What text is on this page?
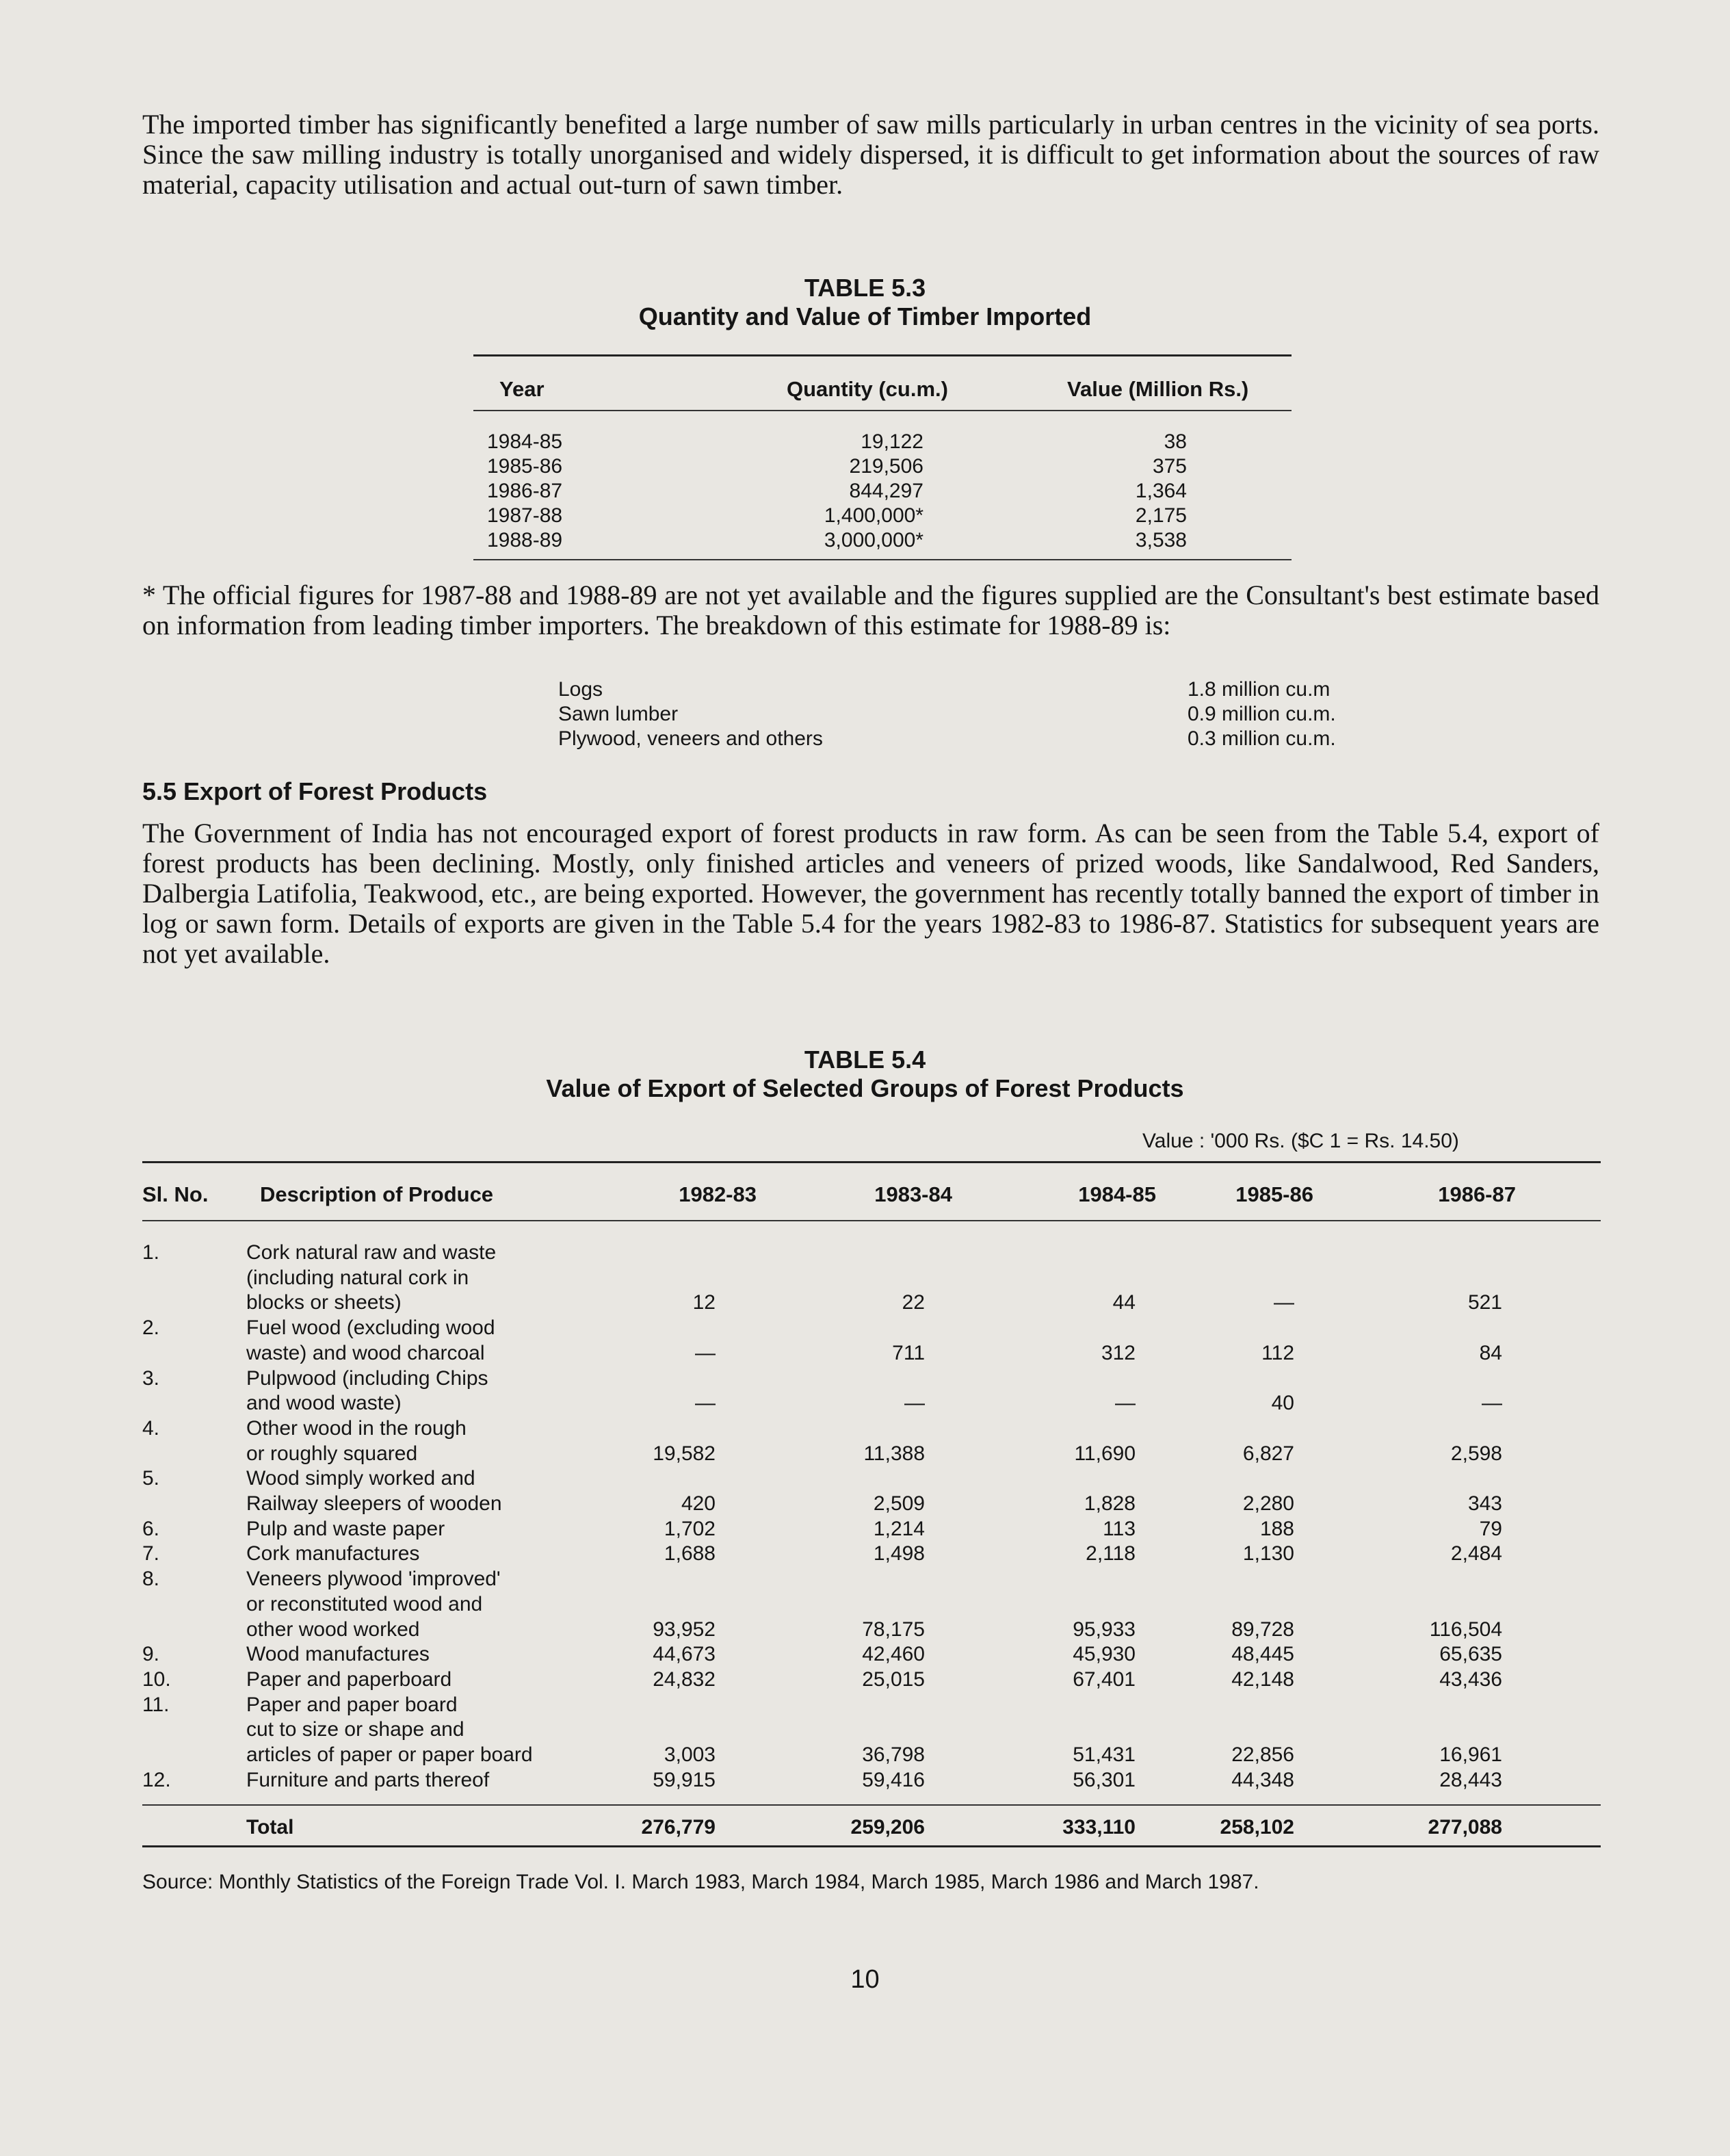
The imported timber has significantly benefited a large number of saw mills particularly in urban centres in the vicinity of sea ports. Since the saw milling industry is totally unorganised and widely dispersed, it is difficult to get information about the sources of raw material, capacity utilisation and actual out-turn of sawn timber.
TABLE 5.3
Quantity and Value of Timber Imported
Year	Quantity (cu.m.)	Value (Million Rs.)
1984-85	19,122	38
1985-86	219,506	375
1986-87	844,297	1,364
1987-88	1,400,000*	2,175
1988-89	3,000,000*	3,538
* The official figures for 1987-88 and 1988-89 are not yet available and the figures supplied are the Consultant's best estimate based on information from leading timber importers. The breakdown of this estimate for 1988-89 is:
Logs	1.8 million cu.m
Sawn lumber	0.9 million cu.m.
Plywood, veneers and others	0.3 million cu.m.
5.5 Export of Forest Products
The Government of India has not encouraged export of forest products in raw form. As can be seen from the Table 5.4, export of forest products has been declining. Mostly, only finished articles and veneers of prized woods, like Sandalwood, Red Sanders, Dalbergia Latifolia, Teakwood, etc., are being exported. However, the government has recently totally banned the export of timber in log or sawn form. Details of exports are given in the Table 5.4 for the years 1982-83 to 1986-87. Statistics for subsequent years are not yet available.
TABLE 5.4
Value of Export of Selected Groups of Forest Products
Value : '000 Rs. ($C 1 = Rs. 14.50)
Sl. No. Description of Produce	1982-83	1983-84	1984-85	1985-86	1986-87
1.	Cork natural raw and waste
(including natural cork in
blocks or sheets)	12	22	44	—	521
2.	Fuel wood (excluding wood
waste) and wood charcoal	—	711	312	112	84
3.	Pulpwood (including Chips
and wood waste)	—	—	—	40	—
4.	Other wood in the rough
or roughly squared	19,582	11,388	11,690	6,827	2,598
5.	Wood simply worked and
Railway sleepers of wooden	420	2,509	1,828	2,280	343
6.	Pulp and waste paper	1,702	1,214	113	188	79
7.	Cork manufactures	1,688	1,498	2,118	1,130	2,484
8.	Veneers plywood 'improved'
or reconstituted wood and
other wood worked	93,952	78,175	95,933	89,728	116,504
9.	Wood manufactures	44,673	42,460	45,930	48,445	65,635
10.	Paper and paperboard	24,832	25,015	67,401	42,148	43,436
11.	Paper and paper board
cut to size or shape and
articles of paper or paper board	3,003	36,798	51,431	22,856	16,961
12.	Furniture and parts thereof	59,915	59,416	56,301	44,348	28,443
Total	276,779	259,206	333,110	258,102	277,088
Source: Monthly Statistics of the Foreign Trade Vol. I. March 1983, March 1984, March 1985, March 1986 and March 1987.
10
